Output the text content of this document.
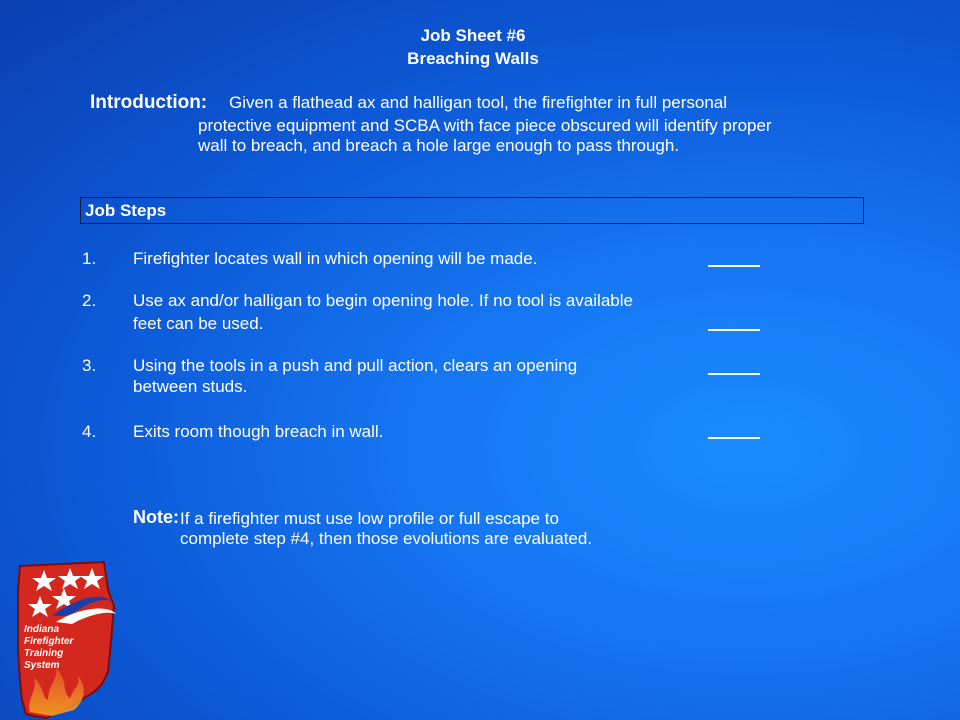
Job Sheet #6
Breaching Walls
Introduction: Given a flathead ax and halligan tool, the firefighter in full personal
protective equipment and SCBA with face piece obscured will identify proper
wall to breach, and breach a hole large enough to pass through.
Job Steps
1. Firefighter locates wall in which opening will be made.
2. Use ax and/or halligan to begin opening hole. If no tool is available
feet can be used.
3. Using the tools in a push and pull action, clears an opening
between studs.
4. Exits room though breach in wall.
Note: If a firefighter must use low profile or full escape to
complete step #4, then those evolutions are evaluated.
Indiana
Firefighter
Training
System
